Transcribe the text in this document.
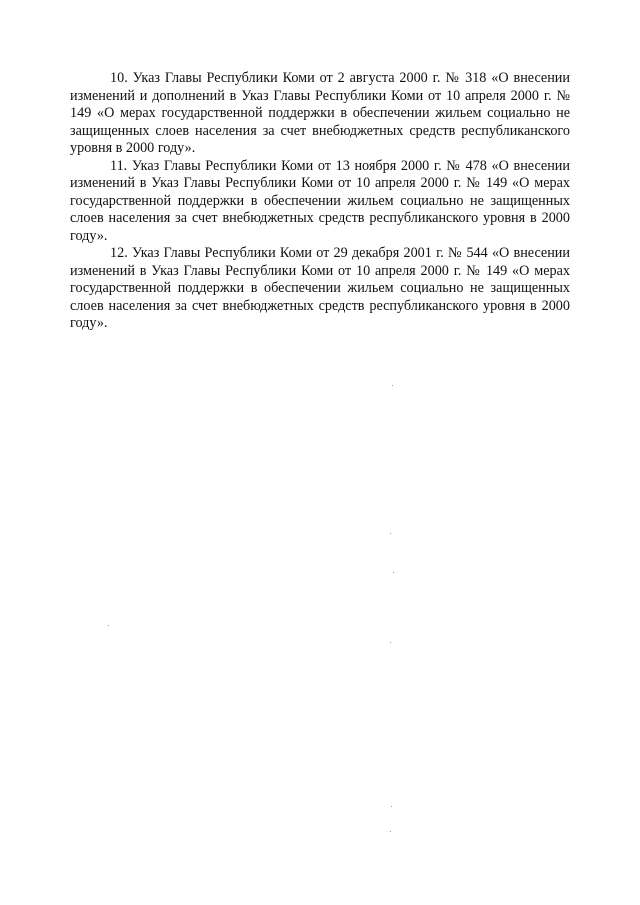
10. Указ Главы Республики Коми от 2 августа 2000 г. № 318 «О внесении изменений и дополнений в Указ Главы Республики Коми от 10 апреля 2000 г. № 149 «О мерах государственной поддержки в обеспечении жильем социально не защищенных слоев населения за счет внебюджетных средств республиканского уровня в 2000 году».

11. Указ Главы Республики Коми от 13 ноября 2000 г. № 478 «О внесении изменений в Указ Главы Республики Коми от 10 апреля 2000 г. № 149 «О мерах государственной поддержки в обеспечении жильем социально не защищенных слоев населения за счет внебюджетных средств республиканского уровня в 2000 году».

12. Указ Главы Республики Коми от 29 декабря 2001 г. № 544 «О внесении изменений в Указ Главы Республики Коми от 10 апреля 2000 г. № 149 «О мерах государственной поддержки в обеспечении жильем социально не защищенных слоев населения за счет внебюджетных средств республиканского уровня в 2000 году».
